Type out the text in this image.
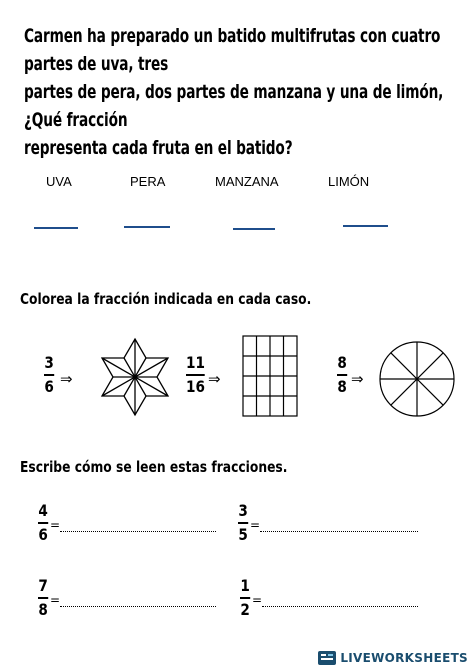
Carmen ha preparado un batido multifrutas con cuatro partes de uva, tres
partes de pera, dos partes de manzana y una de limón, ¿Qué fracción
representa cada fruta en el batido?
UVA	PERA	MANZANA	LIMÓN
Colorea la fracción indicada en cada caso.
3
6 ⇒
11
16 ⇒
8
8 ⇒
Escribe cómo se leen estas fracciones.
4
6 =
3
5 =
7
8 =
1
2 =
LIVEWORKSHEETS
